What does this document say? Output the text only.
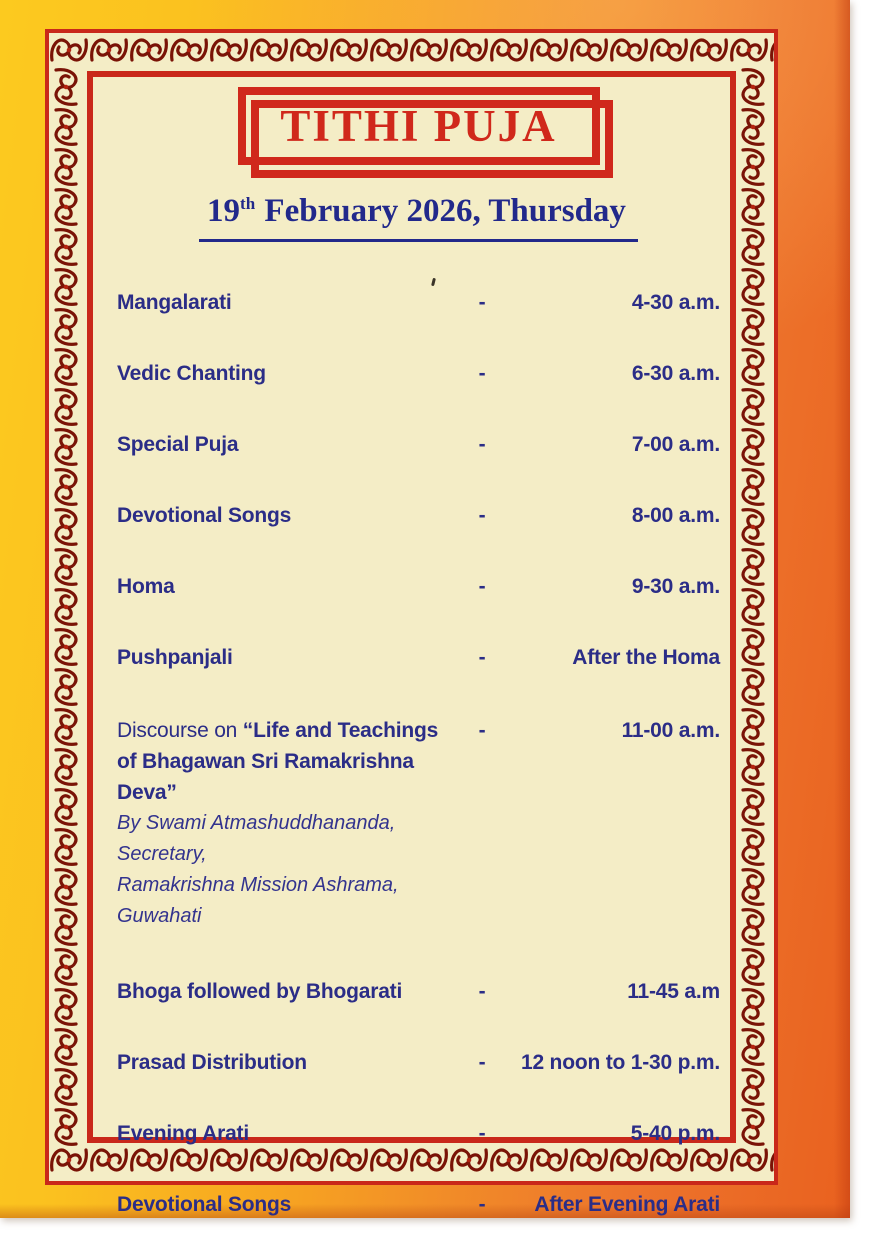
TITHI PUJA
19th February 2026, Thursday
Mangalarati	-	4-30 a.m.
Vedic Chanting	-	6-30 a.m.
Special Puja	-	7-00 a.m.
Devotional Songs	-	8-00 a.m.
Homa	-	9-30 a.m.
Pushpanjali	-	After the Homa
Discourse on “Life and Teachings
of Bhagawan Sri Ramakrishna Deva”
By Swami Atmashuddhananda, Secretary,
Ramakrishna Mission Ashrama, Guwahati
-	11-00 a.m.
Bhoga followed by Bhogarati	-	11-45 a.m
Prasad Distribution	-	12 noon to 1-30 p.m.
Evening Arati	-	5-40 p.m.
Devotional Songs	-	After Evening Arati
